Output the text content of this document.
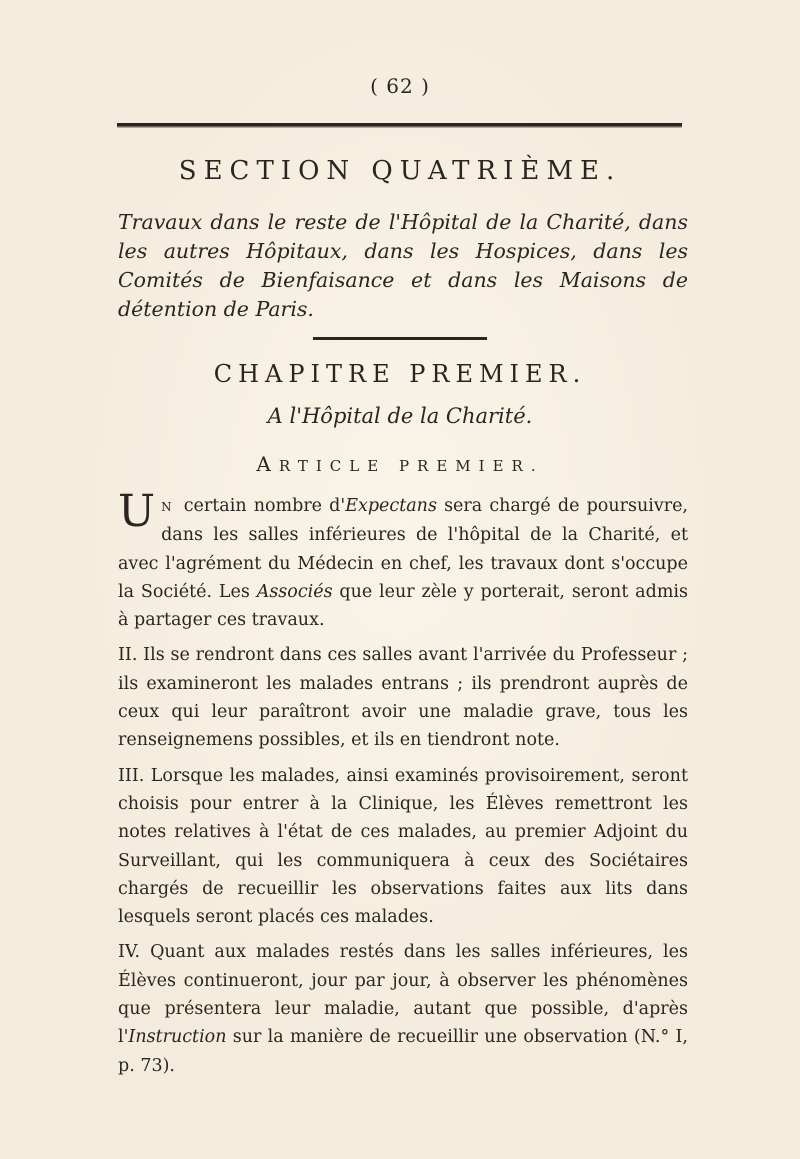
( 62 )
SECTION QUATRIÈME.
Travaux dans le reste de l'Hôpital de la Charité, dans les autres Hôpitaux, dans les Hospices, dans les Comités de Bienfaisance et dans les Maisons de détention de Paris.
CHAPITRE PREMIER.
A l'Hôpital de la Charité.
ARTICLE PREMIER.

U N certain nombre d'Expectans sera chargé de poursuivre, dans les salles inférieures de l'hôpital de la Charité, et avec l'agrément du Médecin en chef, les travaux dont s'occupe la Société. Les Associés que leur zèle y porterait, seront admis à partager ces travaux.

II. Ils se rendront dans ces salles avant l'arrivée du Professeur ; ils examineront les malades entrans ; ils prendront auprès de ceux qui leur paraîtront avoir une maladie grave, tous les renseignemens possibles, et ils en tiendront note.

III. Lorsque les malades, ainsi examinés provisoirement, seront choisis pour entrer à la Clinique, les Élèves remettront les notes relatives à l'état de ces malades, au premier Adjoint du Surveillant, qui les communiquera à ceux des Sociétaires chargés de recueillir les observations faites aux lits dans lesquels seront placés ces malades.

IV. Quant aux malades restés dans les salles inférieures, les Élèves continueront, jour par jour, à observer les phénomènes que présentera leur maladie, autant que possible, d'après l'Instruction sur la manière de recueillir une observation (N.° I, p. 73).
